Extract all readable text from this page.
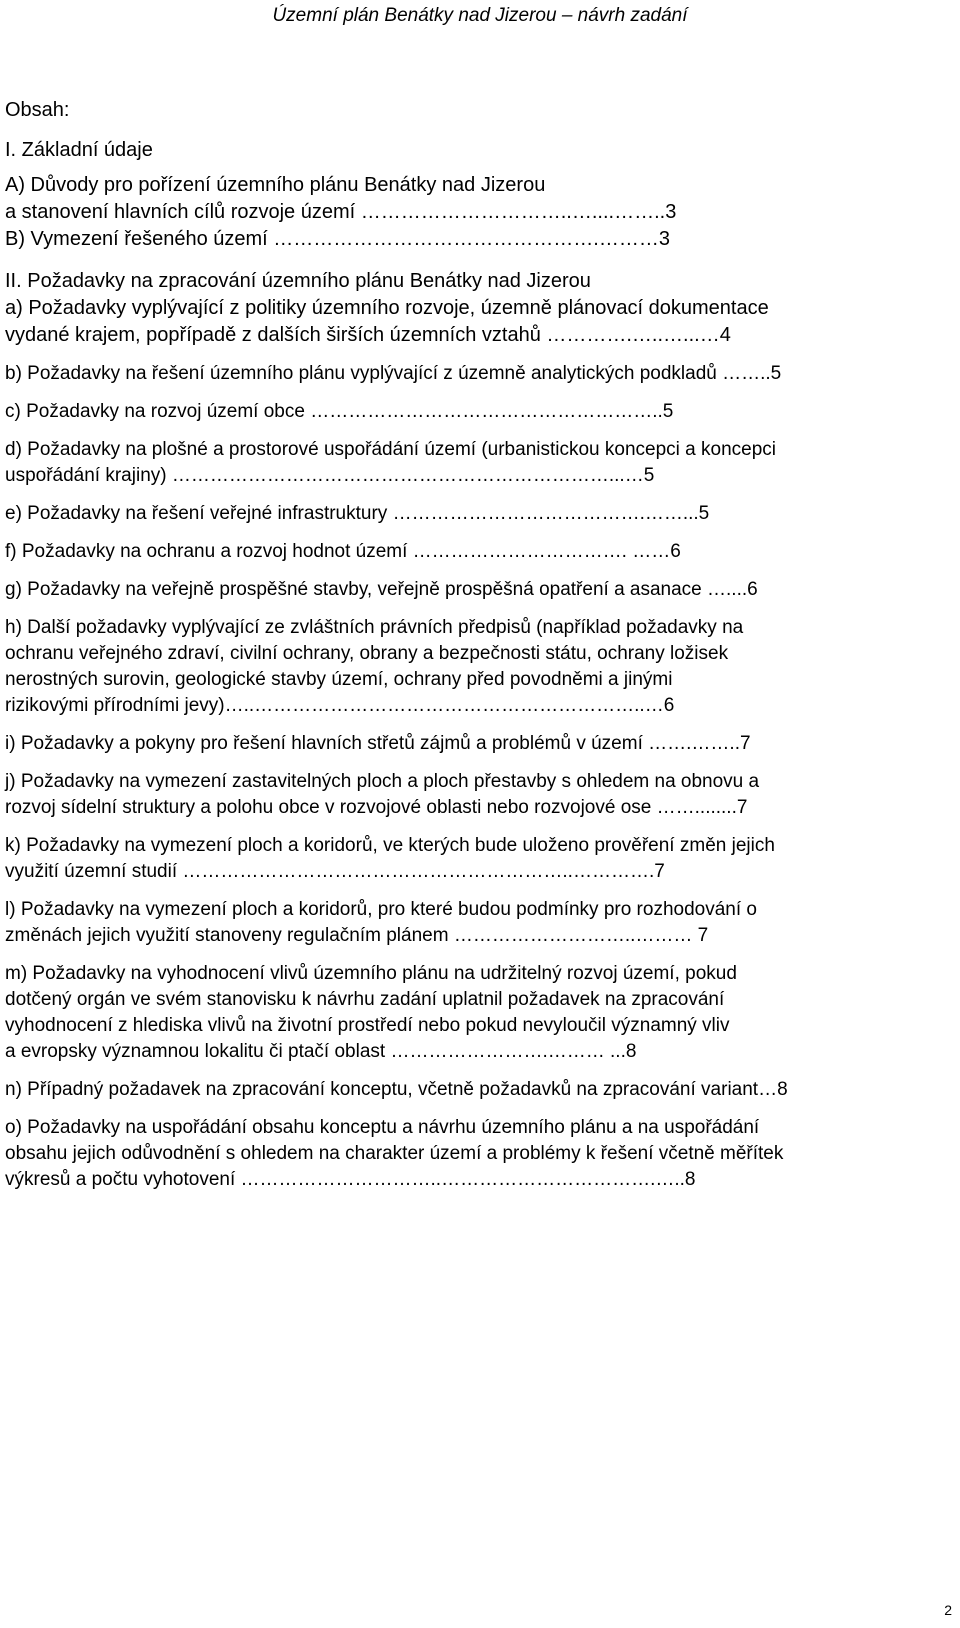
Územní plán Benátky nad Jizerou – návrh zadání
Obsah:
I. Základní údaje
A) Důvody pro pořízení územního plánu Benátky nad Jizerou
a stanovení hlavních cílů rozvoje území …………………………..…....……..3
B) Vymezení řešeného území ………………………………………….………3
II. Požadavky na zpracování územního plánu Benátky nad Jizerou
a) Požadavky vyplývající z politiky územního rozvoje, územně plánovací dokumentace
vydané krajem, popřípadě z dalších širších územních vztahů ………….…..…...…4
b) Požadavky na řešení územního plánu vyplývající z územně analytických podkladů ……..5
c) Požadavky na rozvoj území obce ………………………………………………..5
d) Požadavky na plošné a prostorové uspořádání území (urbanistickou koncepci a koncepci
uspořádání krajiny) ……………………………………………………………...…5
e) Požadavky na řešení veřejné infrastruktury ………………………………….……...5
f) Požadavky na ochranu a rozvoj hodnot území ……………………………. ……6
g) Požadavky na veřejně prospěšné stavby, veřejně prospěšná opatření a asanace …....6
h) Další požadavky vyplývající ze zvláštních právních předpisů (například požadavky na
ochranu veřejného zdraví, civilní ochrany, obrany a bezpečnosti státu, ochrany ložisek
nerostných surovin, geologické stavby území, ochrany před povodněmi a jinými
rizikovými přírodními jevy)…..……………………………………………………..…6
i) Požadavky a pokyny pro řešení hlavních střetů zájmů a problémů v území …….……..7
j) Požadavky na vymezení zastavitelných ploch a ploch přestavby s ohledem na obnovu a
rozvoj sídelní struktury a polohu obce v rozvojové oblasti nebo rozvojové ose ……........7
k) Požadavky na vymezení ploch a koridorů, ve kterých bude uloženo prověření změn jejich
využití územní studií ……………………………………………………..………….7
l) Požadavky na vymezení ploch a koridorů, pro které budou podmínky pro rozhodování o
změnách jejich využití stanoveny regulačním plánem ………………………..……… 7
m) Požadavky na vyhodnocení vlivů územního plánu na udržitelný rozvoj území, pokud
dotčený orgán ve svém stanovisku k návrhu zadání uplatnil požadavek na zpracování
vyhodnocení z hlediska vlivů na životní prostředí nebo pokud nevyloučil významný vliv
a evropsky významnou lokalitu či ptačí oblast …………………….……… ...8
n) Případný požadavek na zpracování konceptu, včetně požadavků na zpracování variant…8
o) Požadavky na uspořádání obsahu konceptu a návrhu územního plánu a na uspořádání
obsahu jejich odůvodnění s ohledem na charakter území a problémy k řešení včetně měřítek
výkresů a počtu vyhotovení …………………………..…………………………….…..8
2
